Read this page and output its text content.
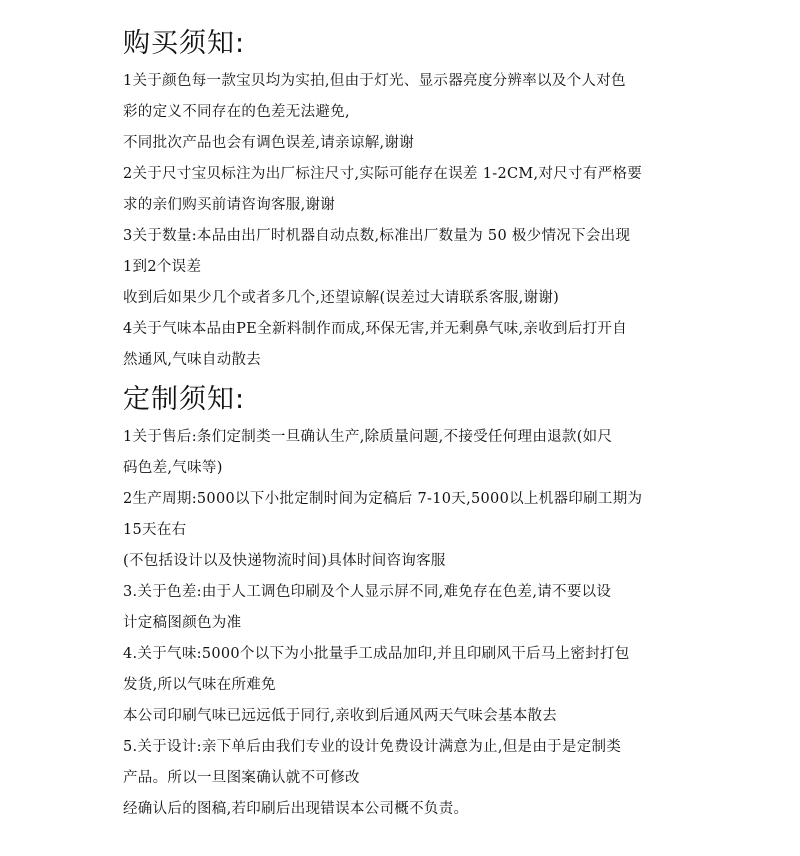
购买须知:
1关于颜色每一款宝贝均为实拍,但由于灯光、显示器亮度分辨率以及个人对色
彩的定义不同存在的色差无法避免,
不同批次产品也会有调色误差,请亲谅解,谢谢
2关于尺寸宝贝标注为出厂标注尺寸,实际可能存在误差 1-2CM,对尺寸有严格要
求的亲们购买前请咨询客服,谢谢
3关于数量:本品由出厂时机器自动点数,标准出厂数量为 50 极少情况下会出现
1到2个误差
收到后如果少几个或者多几个,还望谅解(误差过大请联系客服,谢谢)
4关于气味本品由PE全新料制作而成,环保无害,并无剩鼻气味,亲收到后打开自
然通风,气味自动散去
定制须知:
1关于售后:条们定制类一旦确认生产,除质量问题,不接受任何理由退款(如尺
码色差,气味等)
2生产周期:5000以下小批定制时间为定稿后 7-10天,5000以上机器印刷工期为
15天在右
(不包括设计以及快递物流时间)具体时间咨询客服
3.关于色差:由于人工调色印刷及个人显示屏不同,难免存在色差,请不要以设
计定稿图颜色为准
4.关于气味:5000个以下为小批量手工成品加印,并且印刷风干后马上密封打包
发货,所以气味在所难免
本公司印刷气味已远远低于同行,亲收到后通风两天气味会基本散去
5.关于设计:亲下单后由我们专业的设计免费设计满意为止,但是由于是定制类
产品。所以一旦图案确认就不可修改
经确认后的图稿,若印刷后出现错误本公司概不负责。
